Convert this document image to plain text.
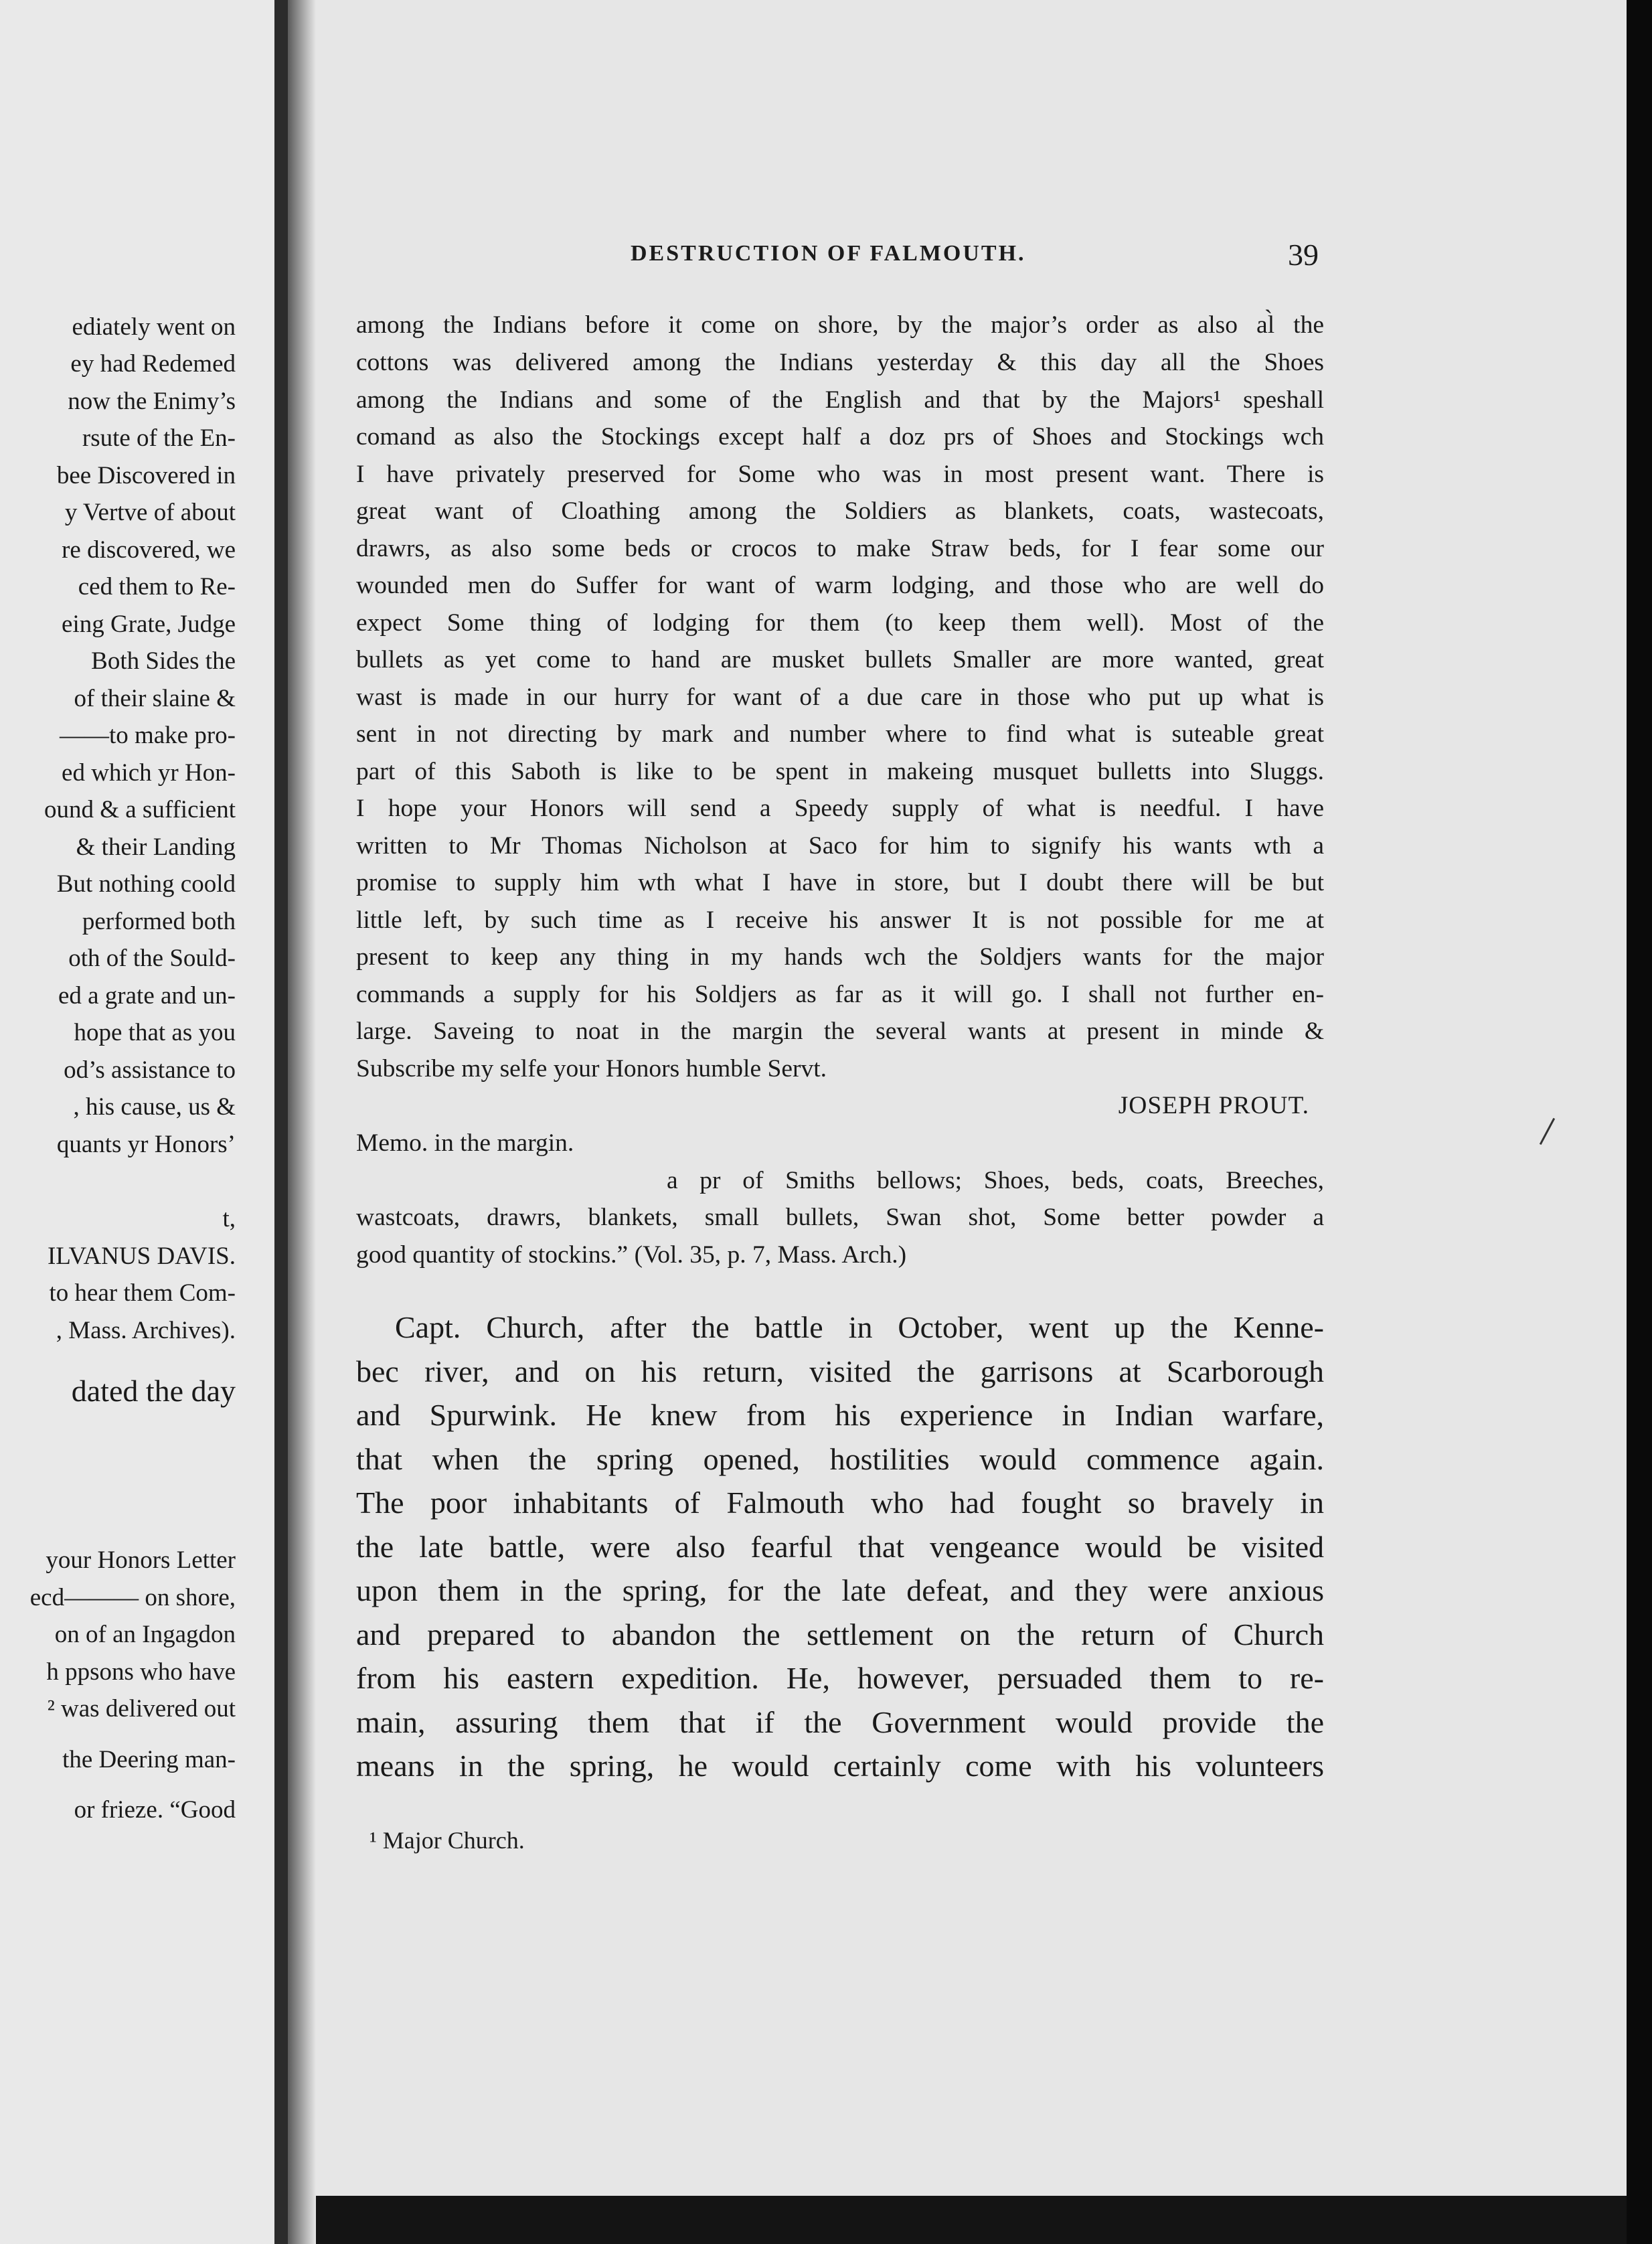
ediately went on
ey had Redemed
now the Enimy’s
rsute of the En-
bee Discovered in
y Vertve of about
re discovered, we
ced them to Re-
eing Grate, Judge
Both Sides the
of their slaine &
——to make pro-
ed which yr Hon-
ound & a sufficient
& their Landing
But nothing coold
performed both
oth of the Sould-
ed a grate and un-
hope that as you
od’s assistance to
, his cause, us &
quants yr Honors’
t,
ILVANUS DAVIS.
to hear them Com-
, Mass. Archives).
dated the day
your Honors Letter
ecd——— on shore,
on of an Ingagdon
h ppsons who have
² was delivered out
the Deering man-
or frieze. “Good
DESTRUCTION OF FALMOUTH.	39
among the Indians before it come on shore, by the major’s order as also al̀ the
cottons was delivered among the Indians yesterday & this day all the Shoes
among the Indians and some of the English and that by the Majors¹ speshall
comand as also the Stockings except half a doz prs of Shoes and Stockings wch
I have privately preserved for Some who was in most present want. There is
great want of Cloathing among the Soldiers as blankets, coats, wastecoats,
drawrs, as also some beds or crocos to make Straw beds, for I fear some our
wounded men do Suffer for want of warm lodging, and those who are well do
expect Some thing of lodging for them (to keep them well). Most of the
bullets as yet come to hand are musket bullets Smaller are more wanted, great
wast is made in our hurry for want of a due care in those who put up what is
sent in not directing by mark and number where to find what is suteable great
part of this Saboth is like to be spent in makeing musquet bulletts into Sluggs.
I hope your Honors will send a Speedy supply of what is needful. I have
written to Mr Thomas Nicholson at Saco for him to signify his wants wth a
promise to supply him wth what I have in store, but I doubt there will be but
little left, by such time as I receive his answer It is not possible for me at
present to keep any thing in my hands wch the Soldjers wants for the major
commands a supply for his Soldjers as far as it will go. I shall not further en-
large. Saveing to noat in the margin the several wants at present in minde &
Subscribe my selfe your Honors humble Servt.
JOSEPH PROUT.
Memo. in the margin.
a pr of Smiths bellows; Shoes, beds, coats, Breeches,
wastcoats, drawrs, blankets, small bullets, Swan shot, Some better powder a
good quantity of stockins.” (Vol. 35, p. 7, Mass. Arch.)
Capt. Church, after the battle in October, went up the Kenne-
bec river, and on his return, visited the garrisons at Scarborough
and Spurwink. He knew from his experience in Indian warfare,
that when the spring opened, hostilities would commence again.
The poor inhabitants of Falmouth who had fought so bravely in
the late battle, were also fearful that vengeance would be visited
upon them in the spring, for the late defeat, and they were anxious
and prepared to abandon the settlement on the return of Church
from his eastern expedition. He, however, persuaded them to re-
main, assuring them that if the Government would provide the
means in the spring, he would certainly come with his volunteers
¹ Major Church.
